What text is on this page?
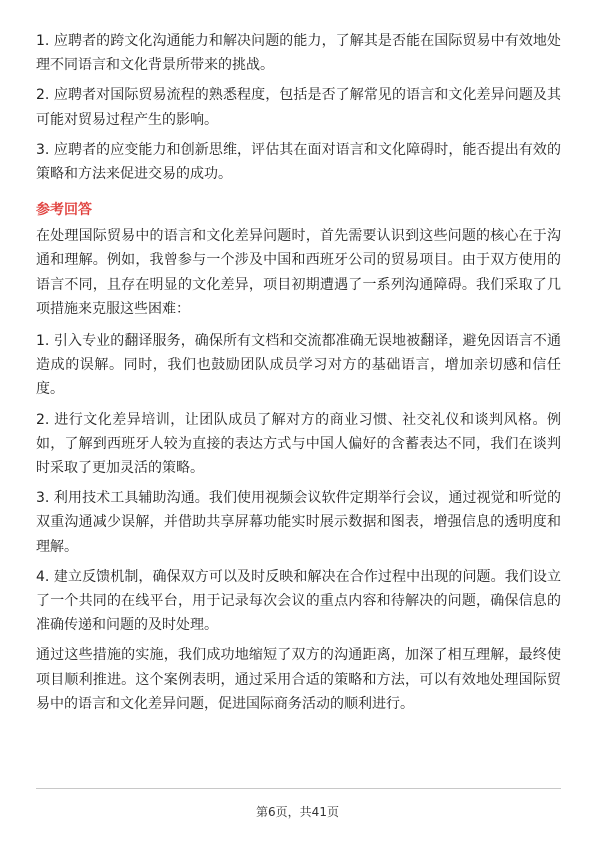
1. 应聘者的跨文化沟通能力和解决问题的能力，了解其是否能在国际贸易中有效地处理不同语言和文化背景所带来的挑战。

2. 应聘者对国际贸易流程的熟悉程度，包括是否了解常见的语言和文化差异问题及其可能对贸易过程产生的影响。

3. 应聘者的应变能力和创新思维，评估其在面对语言和文化障碍时，能否提出有效的策略和方法来促进交易的成功。

参考回答

在处理国际贸易中的语言和文化差异问题时，首先需要认识到这些问题的核心在于沟通和理解。例如，我曾参与一个涉及中国和西班牙公司的贸易项目。由于双方使用的语言不同，且存在明显的文化差异，项目初期遭遇了一系列沟通障碍。我们采取了几项措施来克服这些困难：

1. 引入专业的翻译服务，确保所有文档和交流都准确无误地被翻译，避免因语言不通造成的误解。同时，我们也鼓励团队成员学习对方的基础语言，增加亲切感和信任度。

2. 进行文化差异培训，让团队成员了解对方的商业习惯、社交礼仪和谈判风格。例如，了解到西班牙人较为直接的表达方式与中国人偏好的含蓄表达不同，我们在谈判时采取了更加灵活的策略。

3. 利用技术工具辅助沟通。我们使用视频会议软件定期举行会议，通过视觉和听觉的双重沟通减少误解，并借助共享屏幕功能实时展示数据和图表，增强信息的透明度和理解。

4. 建立反馈机制，确保双方可以及时反映和解决在合作过程中出现的问题。我们设立了一个共同的在线平台，用于记录每次会议的重点内容和待解决的问题，确保信息的准确传递和问题的及时处理。

通过这些措施的实施，我们成功地缩短了双方的沟通距离，加深了相互理解，最终使项目顺利推进。这个案例表明，通过采用合适的策略和方法，可以有效地处理国际贸易中的语言和文化差异问题，促进国际商务活动的顺利进行。

第6页，共41页
